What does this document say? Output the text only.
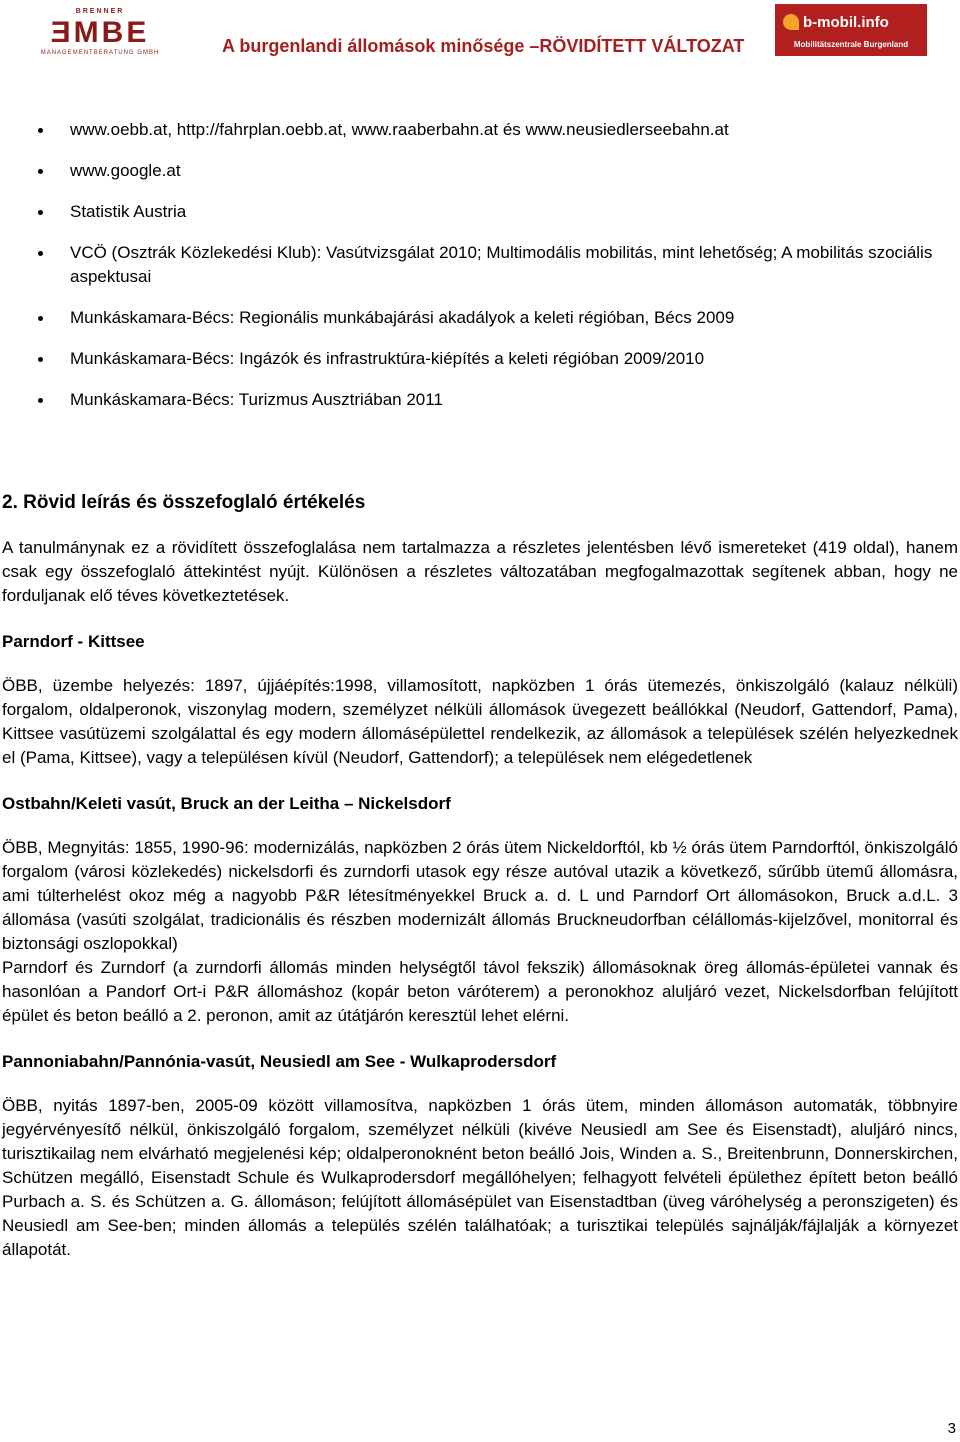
BRENNER
ƎMBE
MANAGEMENTBERATUNG GMBH	A burgenlandi állomások minősége –RÖVIDÍTETT VÁLTOZAT
b-mobil.info
Mobilitätszentrale Burgenland
www.oebb.at, http://fahrplan.oebb.at, www.raaberbahn.at és www.neusiedlerseebahn.at
www.google.at
Statistik Austria
VCÖ (Osztrák Közlekedési Klub): Vasútvizsgálat 2010; Multimodális mobilitás, mint lehetőség; A mobilitás szociális aspektusai
Munkáskamara-Bécs: Regionális munkábajárási akadályok a keleti régióban, Bécs 2009
Munkáskamara-Bécs: Ingázók és infrastruktúra-kiépítés a keleti régióban 2009/2010
Munkáskamara-Bécs: Turizmus Ausztriában 2011
2. Rövid leírás és összefoglaló értékelés

A tanulmánynak ez a rövidített összefoglalása nem tartalmazza a részletes jelentésben lévő ismereteket (419 oldal), hanem csak egy összefoglaló áttekintést nyújt. Különösen a részletes változatában megfogalmazottak segítenek abban, hogy ne forduljanak elő téves következtetések.

Parndorf - Kittsee

ÖBB, üzembe helyezés: 1897, újjáépítés:1998, villamosított, napközben 1 órás ütemezés, önkiszolgáló (kalauz nélküli) forgalom, oldalperonok, viszonylag modern, személyzet nélküli állomások üvegezett beállókkal (Neudorf, Gattendorf, Pama), Kittsee vasútüzemi szolgálattal és egy modern állomásépülettel rendelkezik, az állomások a települések szélén helyezkednek el (Pama, Kittsee), vagy a településen kívül (Neudorf, Gattendorf); a települések nem elégedetlenek

Ostbahn/Keleti vasút, Bruck an der Leitha – Nickelsdorf

ÖBB, Megnyitás: 1855, 1990-96: modernizálás, napközben 2 órás ütem Nickeldorftól, kb ½ órás ütem Parndorftól, önkiszolgáló forgalom (városi közlekedés) nickelsdorfi és zurndorfi utasok egy része autóval utazik a következő, sűrűbb ütemű állomásra, ami túlterhelést okoz még a nagyobb P&R létesítményekkel Bruck a. d. L und Parndorf Ort állomásokon, Bruck a.d.L. 3 állomása (vasúti szolgálat, tradicionális és részben modernizált állomás Bruckneudorfban célállomás-kijelzővel, monitorral és biztonsági oszlopokkal)

Parndorf és Zurndorf (a zurndorfi állomás minden helységtől távol fekszik) állomásoknak öreg állomás-épületei vannak és hasonlóan a Pandorf Ort-i P&R állomáshoz (kopár beton váróterem) a peronokhoz aluljáró vezet, Nickelsdorfban felújított épület és beton beálló a 2. peronon, amit az útátjárón keresztül lehet elérni.

Pannoniabahn/Pannónia-vasút, Neusiedl am See - Wulkaprodersdorf

ÖBB, nyitás 1897-ben, 2005-09 között villamosítva, napközben 1 órás ütem, minden állomáson automaták, többnyire jegyérvényesítő nélkül, önkiszolgáló forgalom, személyzet nélküli (kivéve Neusiedl am See és Eisenstadt), aluljáró nincs, turisztikailag nem elvárható megjelenési kép; oldalperonoknént beton beálló Jois, Winden a. S., Breitenbrunn, Donnerskirchen, Schützen megálló, Eisenstadt Schule és Wulkaprodersdorf megállóhelyen; felhagyott felvételi épülethez épített beton beálló Purbach a. S. és Schützen a. G. állomáson; felújított állomásépület van Eisenstadtban (üveg váróhelység a peronszigeten) és Neusiedl am See-ben; minden állomás a település szélén találhatóak; a turisztikai település sajnálják/fájlalják a környezet állapotát.

3
